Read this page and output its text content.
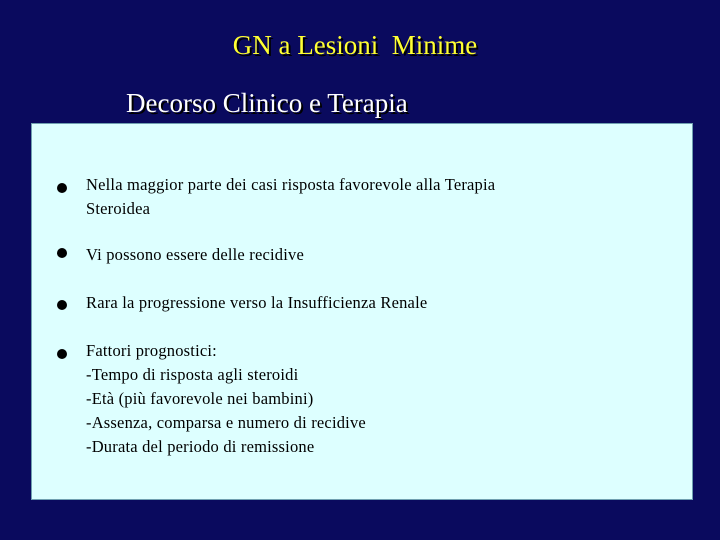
GN a Lesioni  Minime
Decorso Clinico e Terapia
Nella maggior parte dei casi risposta favorevole alla Terapia
Steroidea
Vi possono essere delle recidive
Rara la progressione verso la Insufficienza Renale
Fattori prognostici:
-Tempo di risposta agli steroidi
-Età (più favorevole nei bambini)
-Assenza, comparsa e numero di recidive
-Durata del periodo di remissione
